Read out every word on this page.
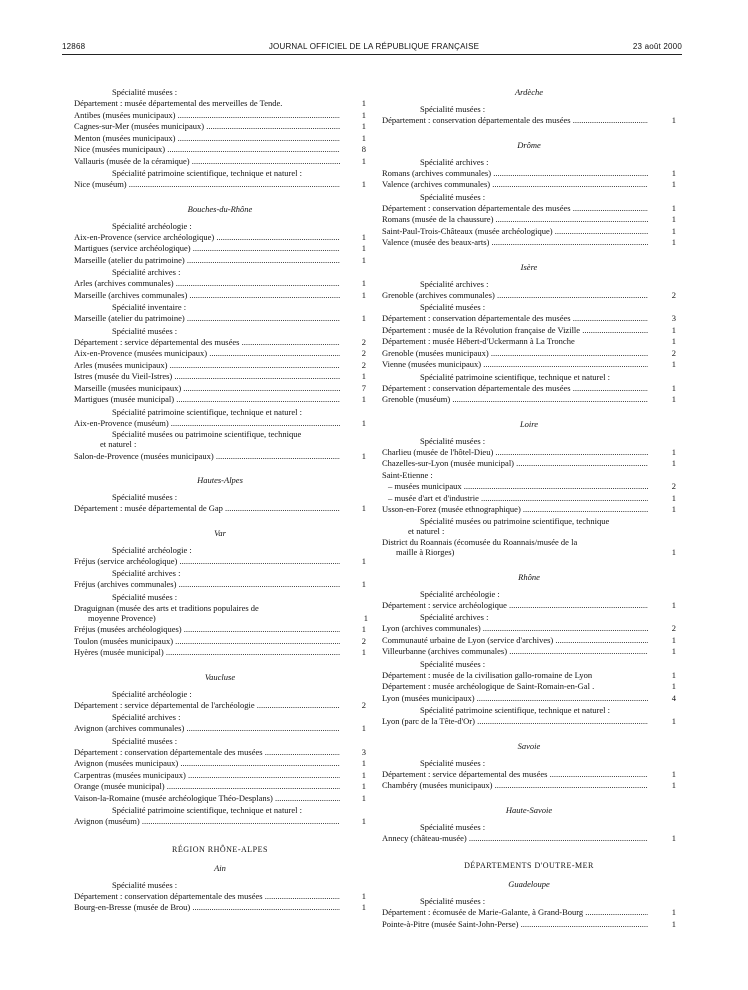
12868	JOURNAL OFFICIEL DE LA RÉPUBLIQUE FRANÇAISE	23 août 2000
Spécialité musées :
Département : musée départemental des merveilles de Tende.	1
Antibes (musées municipaux) .....	1
Cagnes-sur-Mer (musées municipaux) .....	1
Menton (musées municipaux) .....	1
Nice (musées municipaux) .....	8
Vallauris (musée de la céramique) .....	1
Spécialité patrimoine scientifique, technique et naturel :
Nice (muséum) .....	1
Bouches-du-Rhône
Spécialité archéologie :
Aix-en-Provence (service archéologique) .....	1
Martigues (service archéologique) .....	1
Marseille (atelier du patrimoine) .....	1
Spécialité archives :
Arles (archives communales) .....	1
Marseille (archives communales) .....	1
Spécialité inventaire :
Marseille (atelier du patrimoine) .....	1
Spécialité musées :
Département : service départemental des musées .....	2
Aix-en-Provence (musées municipaux) .....	2
Arles (musées municipaux) .....	2
Istres (musée du Vieil-Istres) .....	1
Marseille (musées municipaux) .....	7
Martigues (musée municipal) .....	1
Spécialité patrimoine scientifique, technique et naturel :
Aix-en-Provence (muséum) .....	1
Spécialité musées ou patrimoine scientifique, technique
et naturel :
Salon-de-Provence (musées municipaux) .....	1
Hautes-Alpes
Spécialité musées :
Département : musée départemental de Gap .....	1
Var
Spécialité archéologie :
Fréjus (service archéologique) .....	1
Spécialité archives :
Fréjus (archives communales) .....	1
Spécialité musées :
Draguignan (musée des arts et traditions populaires de
moyenne Provence)	1
Fréjus (musées archéologiques) .....	1
Toulon (musées municipaux) .....	2
Hyères (musée municipal) .....	1
Vaucluse
Spécialité archéologie :
Département : service départemental de l'archéologie .....	2
Spécialité archives :
Avignon (archives communales) .....	1
Spécialité musées :
Département : conservation départementale des musées .....	3
Avignon (musées municipaux) .....	1
Carpentras (musées municipaux) .....	1
Orange (musée municipal) .....	1
Vaison-la-Romaine (musée archéologique Théo-Desplans) .....	1
Spécialité patrimoine scientifique, technique et naturel :
Avignon (muséum) .....	1
RÉGION RHÔNE-ALPES
Ain
Spécialité musées :
Département : conservation départementale des musées .....	1
Bourg-en-Bresse (musée de Brou) .....	1
Ardèche
Spécialité musées :
Département : conservation départementale des musées .....	1
Drôme
Spécialité archives :
Romans (archives communales) .....	1
Valence (archives communales) .....	1
Spécialité musées :
Département : conservation départementale des musées .....	1
Romans (musée de la chaussure) .....	1
Saint-Paul-Trois-Châteaux (musée archéologique) .....	1
Valence (musée des beaux-arts) .....	1
Isère
Spécialité archives :
Grenoble (archives communales) .....	2
Spécialité musées :
Département : conservation départementale des musées .....	3
Département : musée de la Révolution française de Vizille .....	1
Département : musée Hébert-d'Uckermann à La Tronche	1
Grenoble (musées municipaux) .....	2
Vienne (musées municipaux) .....	1
Spécialité patrimoine scientifique, technique et naturel :
Département : conservation départementale des musées .....	1
Grenoble (muséum) .....	1
Loire
Spécialité musées :
Charlieu (musée de l'hôtel-Dieu) .....	1
Chazelles-sur-Lyon (musée municipal) .....	1
Saint-Etienne :
– musées municipaux .....	2
– musée d'art et d'industrie .....	1
Usson-en-Forez (musée ethnographique) .....	1
Spécialité musées ou patrimoine scientifique, technique
et naturel :
District du Roannais (écomusée du Roannais/musée de la
maille à Riorges)	1
Rhône
Spécialité archéologie :
Département : service archéologique .....	1
Spécialité archives :
Lyon (archives communales) .....	2
Communauté urbaine de Lyon (service d'archives) .....	1
Villeurbanne (archives communales) .....	1
Spécialité musées :
Département : musée de la civilisation gallo-romaine de Lyon	1
Département : musée archéologique de Saint-Romain-en-Gal .	1
Lyon (musées municipaux) .....	4
Spécialité patrimoine scientifique, technique et naturel :
Lyon (parc de la Tête-d'Or) .....	1
Savoie
Spécialité musées :
Département : service départemental des musées .....	1
Chambéry (musées municipaux) .....	1
Haute-Savoie
Spécialité musées :
Annecy (château-musée) .....	1
DÉPARTEMENTS D'OUTRE-MER
Guadeloupe
Spécialité musées :
Département : écomusée de Marie-Galante, à Grand-Bourg .....	1
Pointe-à-Pitre (musée Saint-John-Perse) .....	1
